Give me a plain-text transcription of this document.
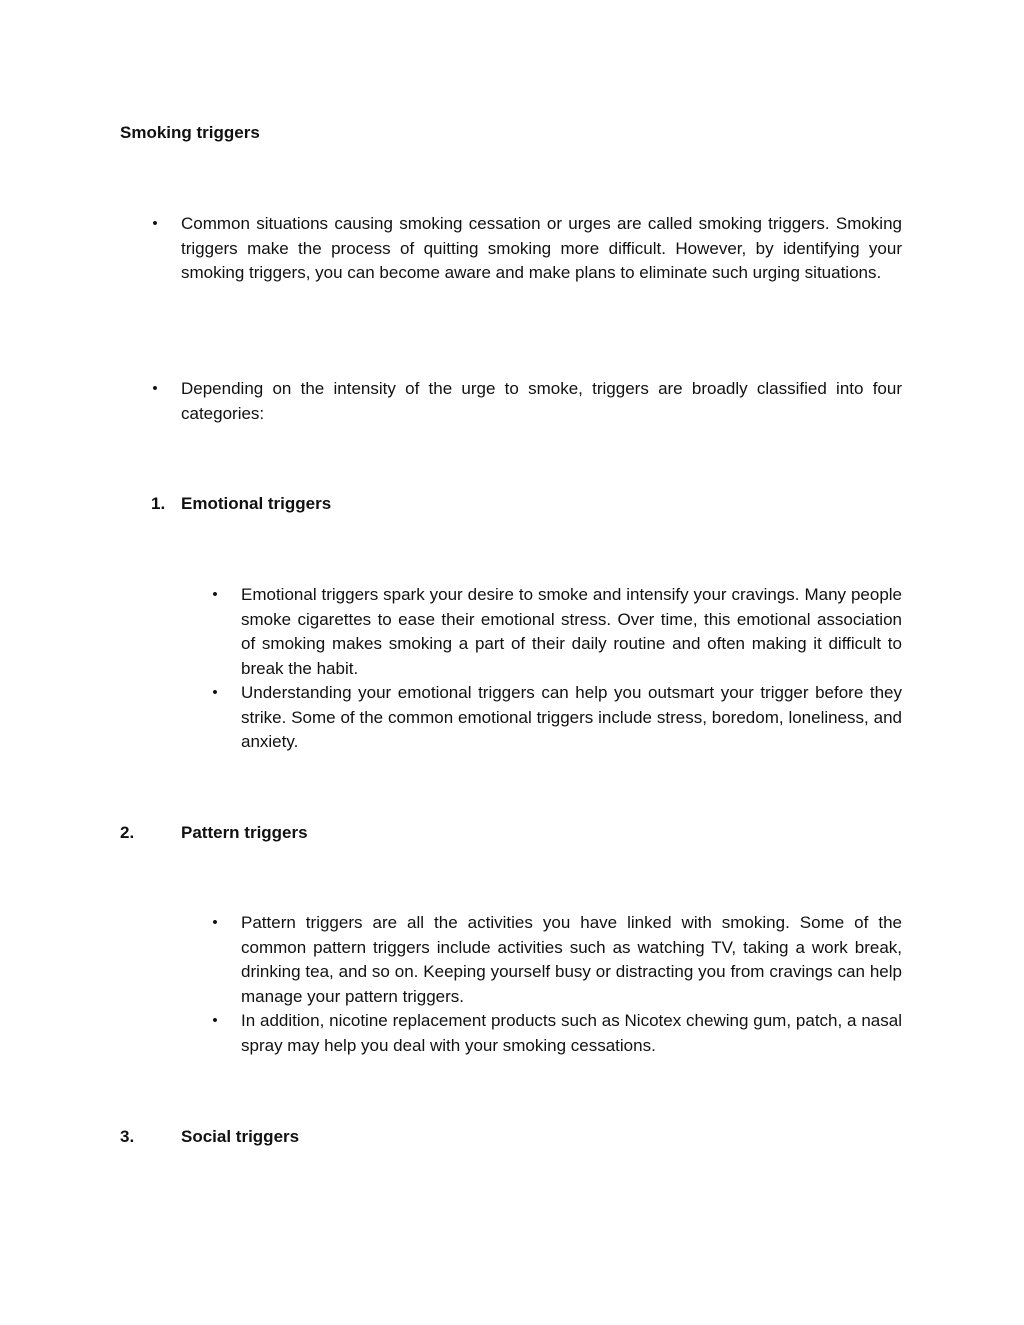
Smoking triggers
• Common situations causing smoking cessation or urges are called smoking triggers. Smoking triggers make the process of quitting smoking more difficult. However, by identifying your smoking triggers, you can become aware and make plans to eliminate such urging situations.
• Depending on the intensity of the urge to smoke, triggers are broadly classified into four categories:
1. Emotional triggers
• Emotional triggers spark your desire to smoke and intensify your cravings. Many people smoke cigarettes to ease their emotional stress. Over time, this emotional association of smoking makes smoking a part of their daily routine and often making it difficult to break the habit.
• Understanding your emotional triggers can help you outsmart your trigger before they strike. Some of the common emotional triggers include stress, boredom, loneliness, and anxiety.
2.	Pattern triggers
• Pattern triggers are all the activities you have linked with smoking. Some of the common pattern triggers include activities such as watching TV, taking a work break, drinking tea, and so on. Keeping yourself busy or distracting you from cravings can help manage your pattern triggers.
• In addition, nicotine replacement products such as Nicotex chewing gum, patch, a nasal spray may help you deal with your smoking cessations.
3.	Social triggers
